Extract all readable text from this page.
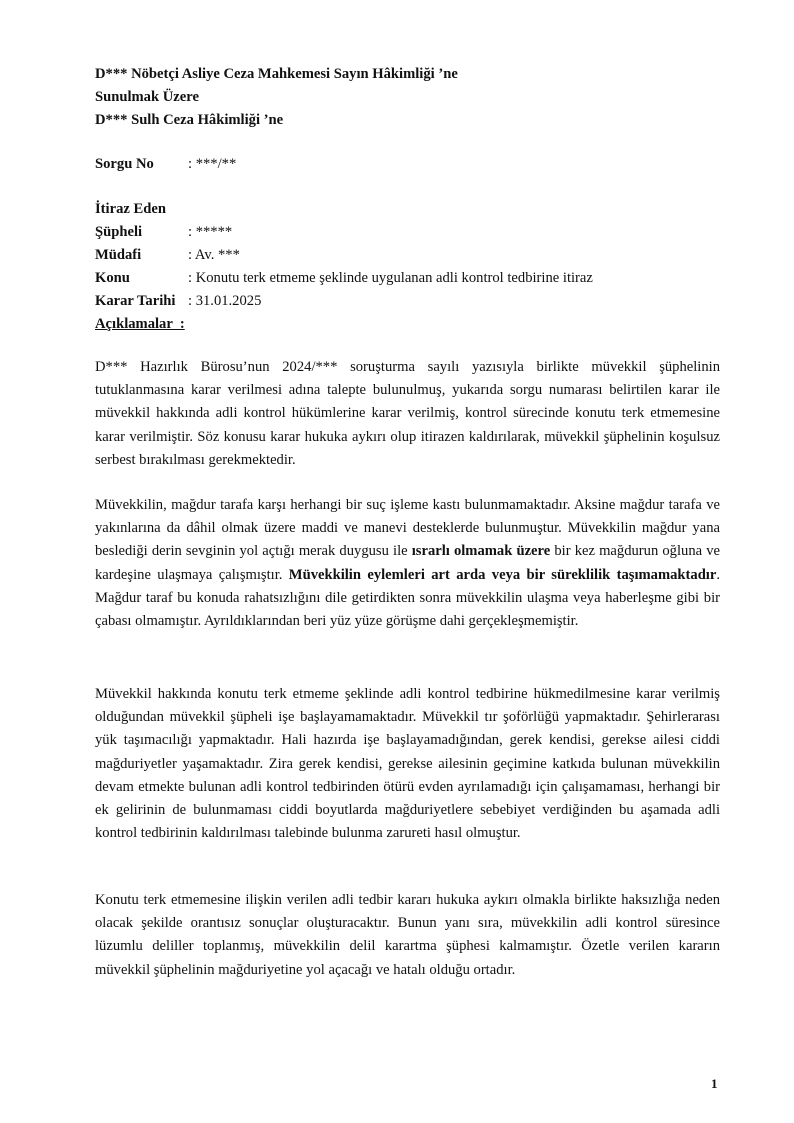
D*** Nöbetçi Asliye Ceza Mahkemesi Sayın Hâkimliği ’ne
Sunulmak Üzere
D*** Sulh Ceza Hâkimliği ’ne
Sorgu No : ***/**
İtiraz Eden
Şüpheli	: *****
Müdafi	: Av. ***
Konu	: Konutu terk etmeme şeklinde uygulanan adli kontrol tedbirine itiraz
Karar Tarihi : 31.01.2025
Açıklamalar  :

D*** Hazırlık Bürosu’nun 2024/*** soruşturma sayılı yazısıyla birlikte müvekkil şüphelinin tutuklanmasına karar verilmesi adına talepte bulunulmuş, yukarıda sorgu numarası belirtilen karar ile müvekkil hakkında adli kontrol hükümlerine karar verilmiş, kontrol sürecinde konutu terk etmemesine karar verilmiştir. Söz konusu karar hukuka aykırı olup itirazen kaldırılarak, müvekkil şüphelinin koşulsuz serbest bırakılması gerekmektedir.

Müvekkilin, mağdur tarafa karşı herhangi bir suç işleme kastı bulunmamaktadır. Aksine mağdur tarafa ve yakınlarına da dâhil olmak üzere maddi ve manevi desteklerde bulunmuştur. Müvekkilin mağdur yana beslediği derin sevginin yol açtığı merak duygusu ile ısrarlı olmamak üzere bir kez mağdurun oğluna ve kardeşine ulaşmaya çalışmıştır. Müvekkilin eylemleri art arda veya bir süreklilik taşımamaktadır. Mağdur taraf bu konuda rahatsızlığını dile getirdikten sonra müvekkilin ulaşma veya haberleşme gibi bir çabası olmamıştır. Ayrıldıklarından beri yüz yüze görüşme dahi gerçekleşmemiştir.

Müvekkil hakkında konutu terk etmeme şeklinde adli kontrol tedbirine hükmedilmesine karar verilmiş olduğundan müvekkil şüpheli işe başlayamamaktadır. Müvekkil tır şoförlüğü yapmaktadır. Şehirlerarası yük taşımacılığı yapmaktadır. Hali hazırda işe başlayamadığından, gerek kendisi, gerekse ailesi ciddi mağduriyetler yaşamaktadır. Zira gerek kendisi, gerekse ailesinin geçimine katkıda bulunan müvekkilin devam etmekte bulunan adli kontrol tedbirinden ötürü evden ayrılamadığı için çalışamaması, herhangi bir ek gelirinin de bulunmaması ciddi boyutlarda mağduriyetlere sebebiyet verdiğinden bu aşamada adli kontrol tedbirinin kaldırılması talebinde bulunma zarureti hasıl olmuştur.

Konutu terk etmemesine ilişkin verilen adli tedbir kararı hukuka aykırı olmakla birlikte haksızlığa neden olacak şekilde orantısız sonuçlar oluşturacaktır. Bunun yanı sıra, müvekkilin adli kontrol süresince lüzumlu deliller toplanmış, müvekkilin delil karartma şüphesi kalmamıştır. Özetle verilen kararın müvekkil şüphelinin mağduriyetine yol açacağı ve hatalı olduğu ortadır.

1
